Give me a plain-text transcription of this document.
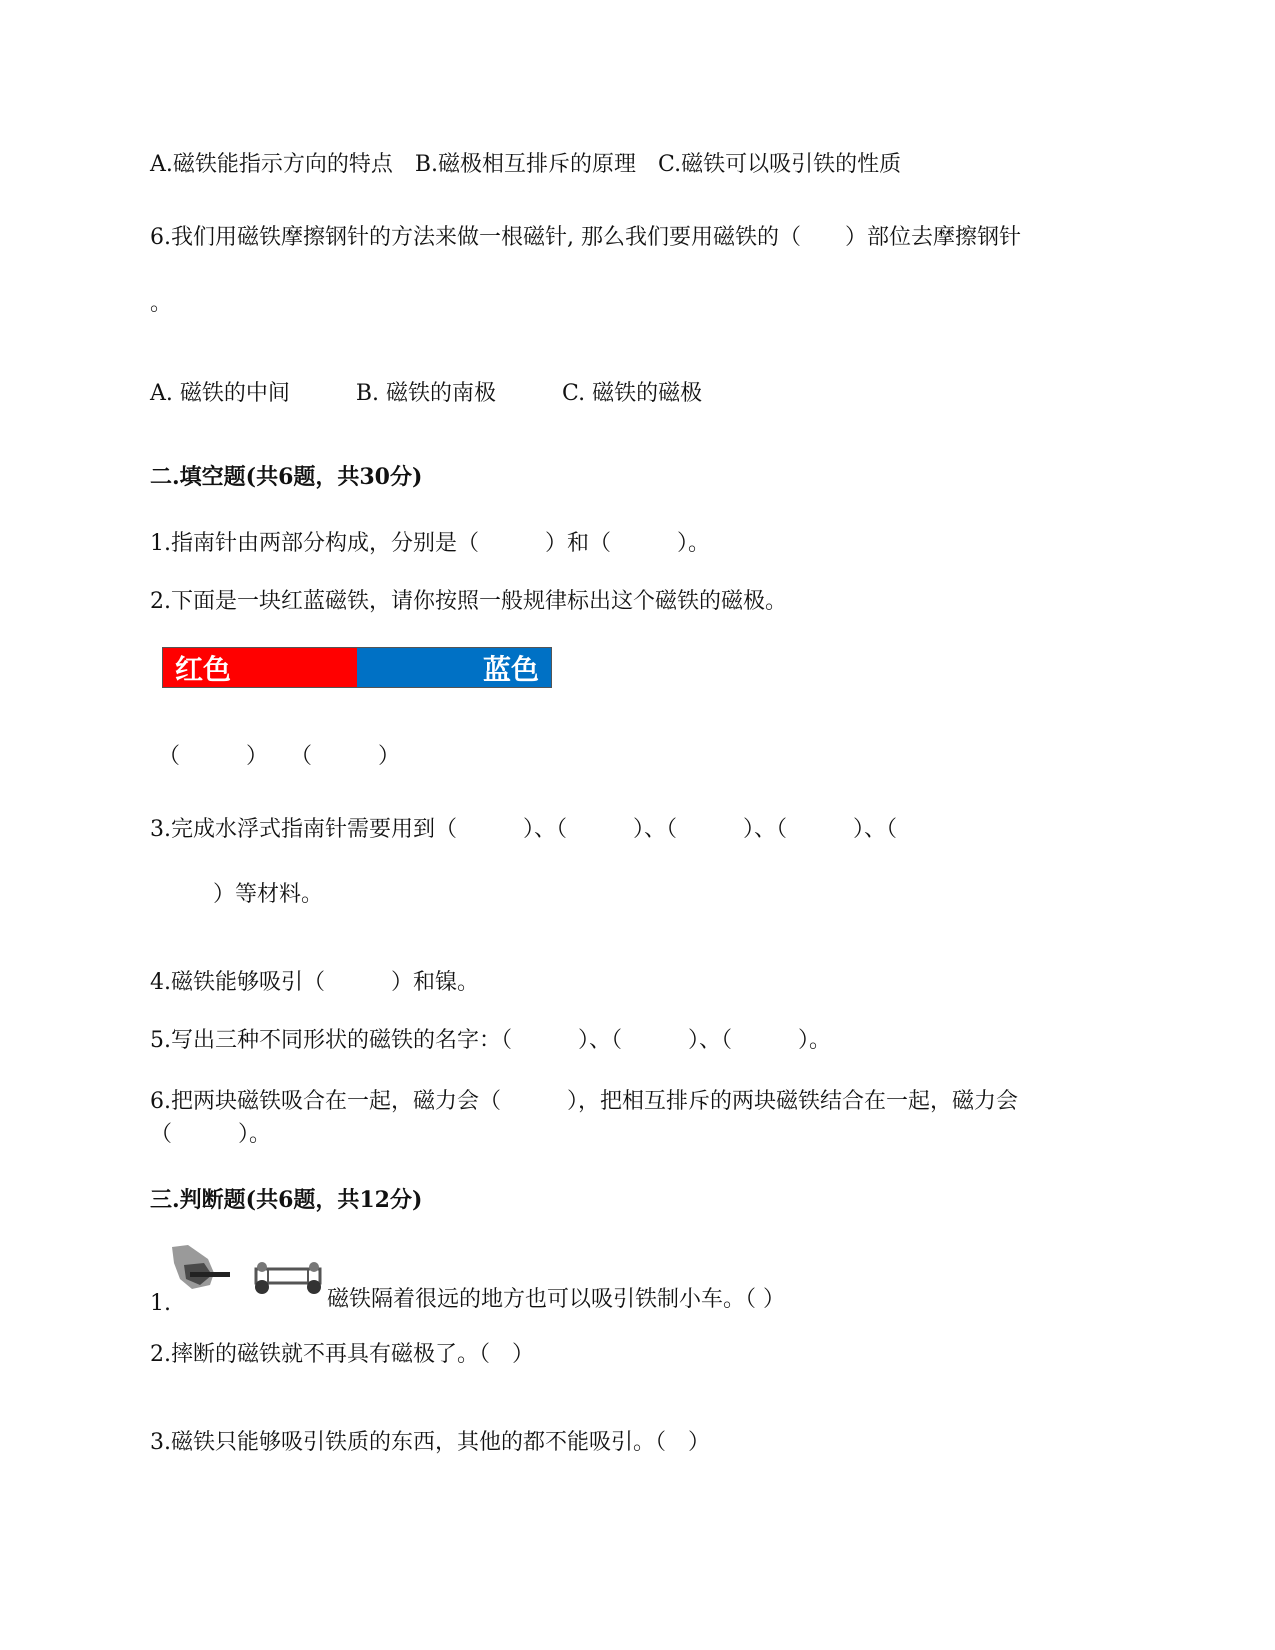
A.磁铁能指示方向的特点　B.磁极相互排斥的原理　C.磁铁可以吸引铁的性质
6.我们用磁铁摩擦钢针的方法来做一根磁针, 那么我们要用磁铁的（　　）部位去摩擦钢针
。
A. 磁铁的中间　　　B. 磁铁的南极　　　C. 磁铁的磁极
二.填空题(共6题，共30分)
1.指南针由两部分构成，分别是（　　　）和（　　　）。
2.下面是一块红蓝磁铁，请你按照一般规律标出这个磁铁的磁极。
红色	蓝色
（　　　）　　（　　　）
3.完成水浮式指南针需要用到（　　　）、（　　　）、（　　　）、（　　　）、（
）等材料。
4.磁铁能够吸引（　　　）和镍。
5.写出三种不同形状的磁铁的名字：（　　　）、（　　　）、（　　　）。
6.把两块磁铁吸合在一起，磁力会（　　　），把相互排斥的两块磁铁结合在一起，磁力会（　　　）。
三.判断题(共6题，共12分)
1.	磁铁隔着很远的地方也可以吸引铁制小车。（ ）
2.摔断的磁铁就不再具有磁极了。（　）
3.磁铁只能够吸引铁质的东西，其他的都不能吸引。（　）
